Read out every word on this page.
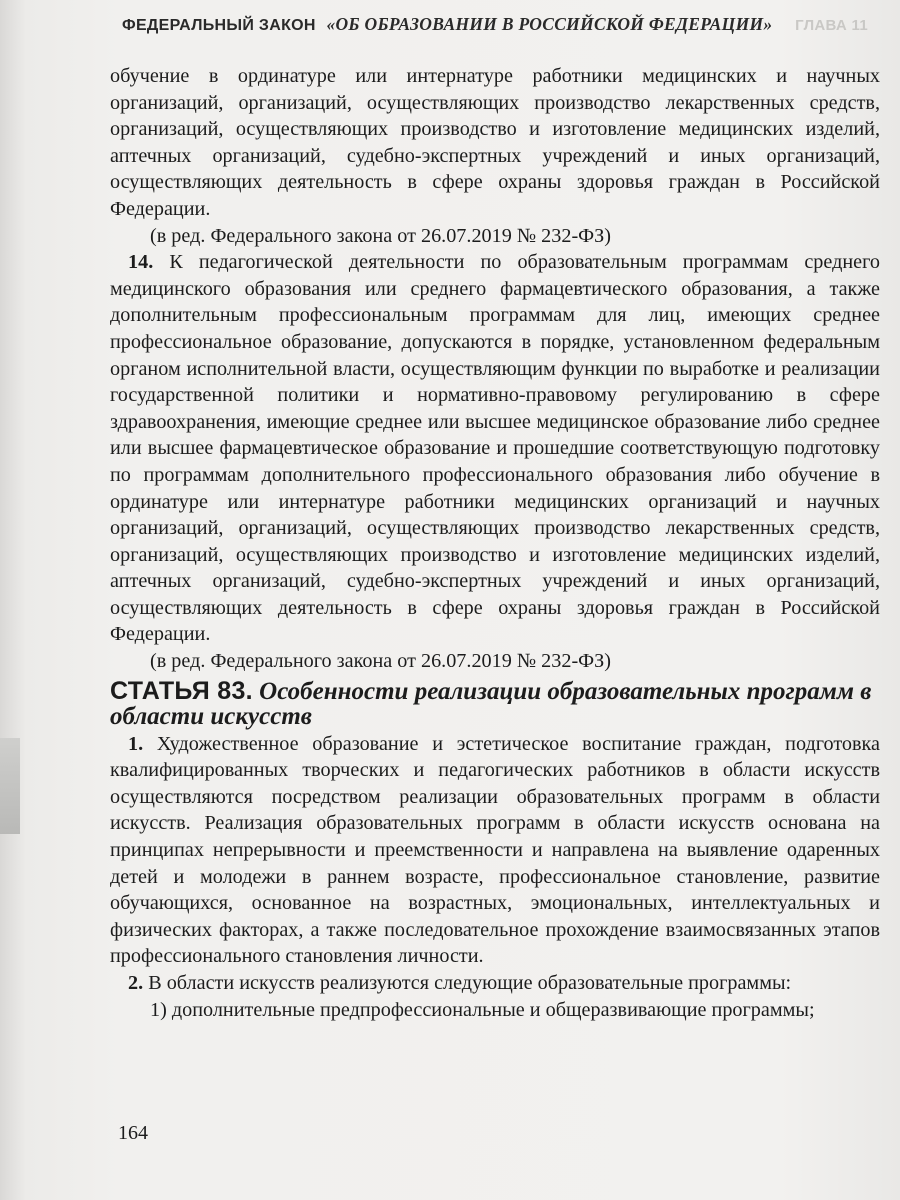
ФЕДЕРАЛЬНЫЙ ЗАКОН «ОБ ОБРАЗОВАНИИ В РОССИЙСКОЙ ФЕДЕРАЦИИ» ГЛАВА 11

обучение в ординатуре или интернатуре работники медицинских и научных организаций, организаций, осуществляющих производство лекарственных средств, организаций, осуществляющих производство и изготовление медицинских изделий, аптечных организаций, судебно-экспертных учреждений и иных организаций, осуществляющих деятельность в сфере охраны здоровья граждан в Российской Федерации.

(в ред. Федерального закона от 26.07.2019 № 232-ФЗ)

14. К педагогической деятельности по образовательным программам среднего медицинского образования или среднего фармацевтического образования, а также дополнительным профессиональным программам для лиц, имеющих среднее профессиональное образование, допускаются в порядке, установленном федеральным органом исполнительной власти, осуществляющим функции по выработке и реализации государственной политики и нормативно-правовому регулированию в сфере здравоохранения, имеющие среднее или высшее медицинское образование либо среднее или высшее фармацевтическое образование и прошедшие соответствующую подготовку по программам дополнительного профессионального образования либо обучение в ординатуре или интернатуре работники медицинских организаций и научных организаций, организаций, осуществляющих производство лекарственных средств, организаций, осуществляющих производство и изготовление медицинских изделий, аптечных организаций, судебно-экспертных учреждений и иных организаций, осуществляющих деятельность в сфере охраны здоровья граждан в Российской Федерации.

(в ред. Федерального закона от 26.07.2019 № 232-ФЗ)

СТАТЬЯ 83. Особенности реализации образовательных программ в области искусств

1. Художественное образование и эстетическое воспитание граждан, подготовка квалифицированных творческих и педагогических работников в области искусств осуществляются посредством реализации образовательных программ в области искусств. Реализация образовательных программ в области искусств основана на принципах непрерывности и преемственности и направлена на выявление одаренных детей и молодежи в раннем возрасте, профессиональное становление, развитие обучающихся, основанное на возрастных, эмоциональных, интеллектуальных и физических факторах, а также последовательное прохождение взаимосвязанных этапов профессионального становления личности.

2. В области искусств реализуются следующие образовательные программы:

1) дополнительные предпрофессиональные и общеразвивающие программы;

164
